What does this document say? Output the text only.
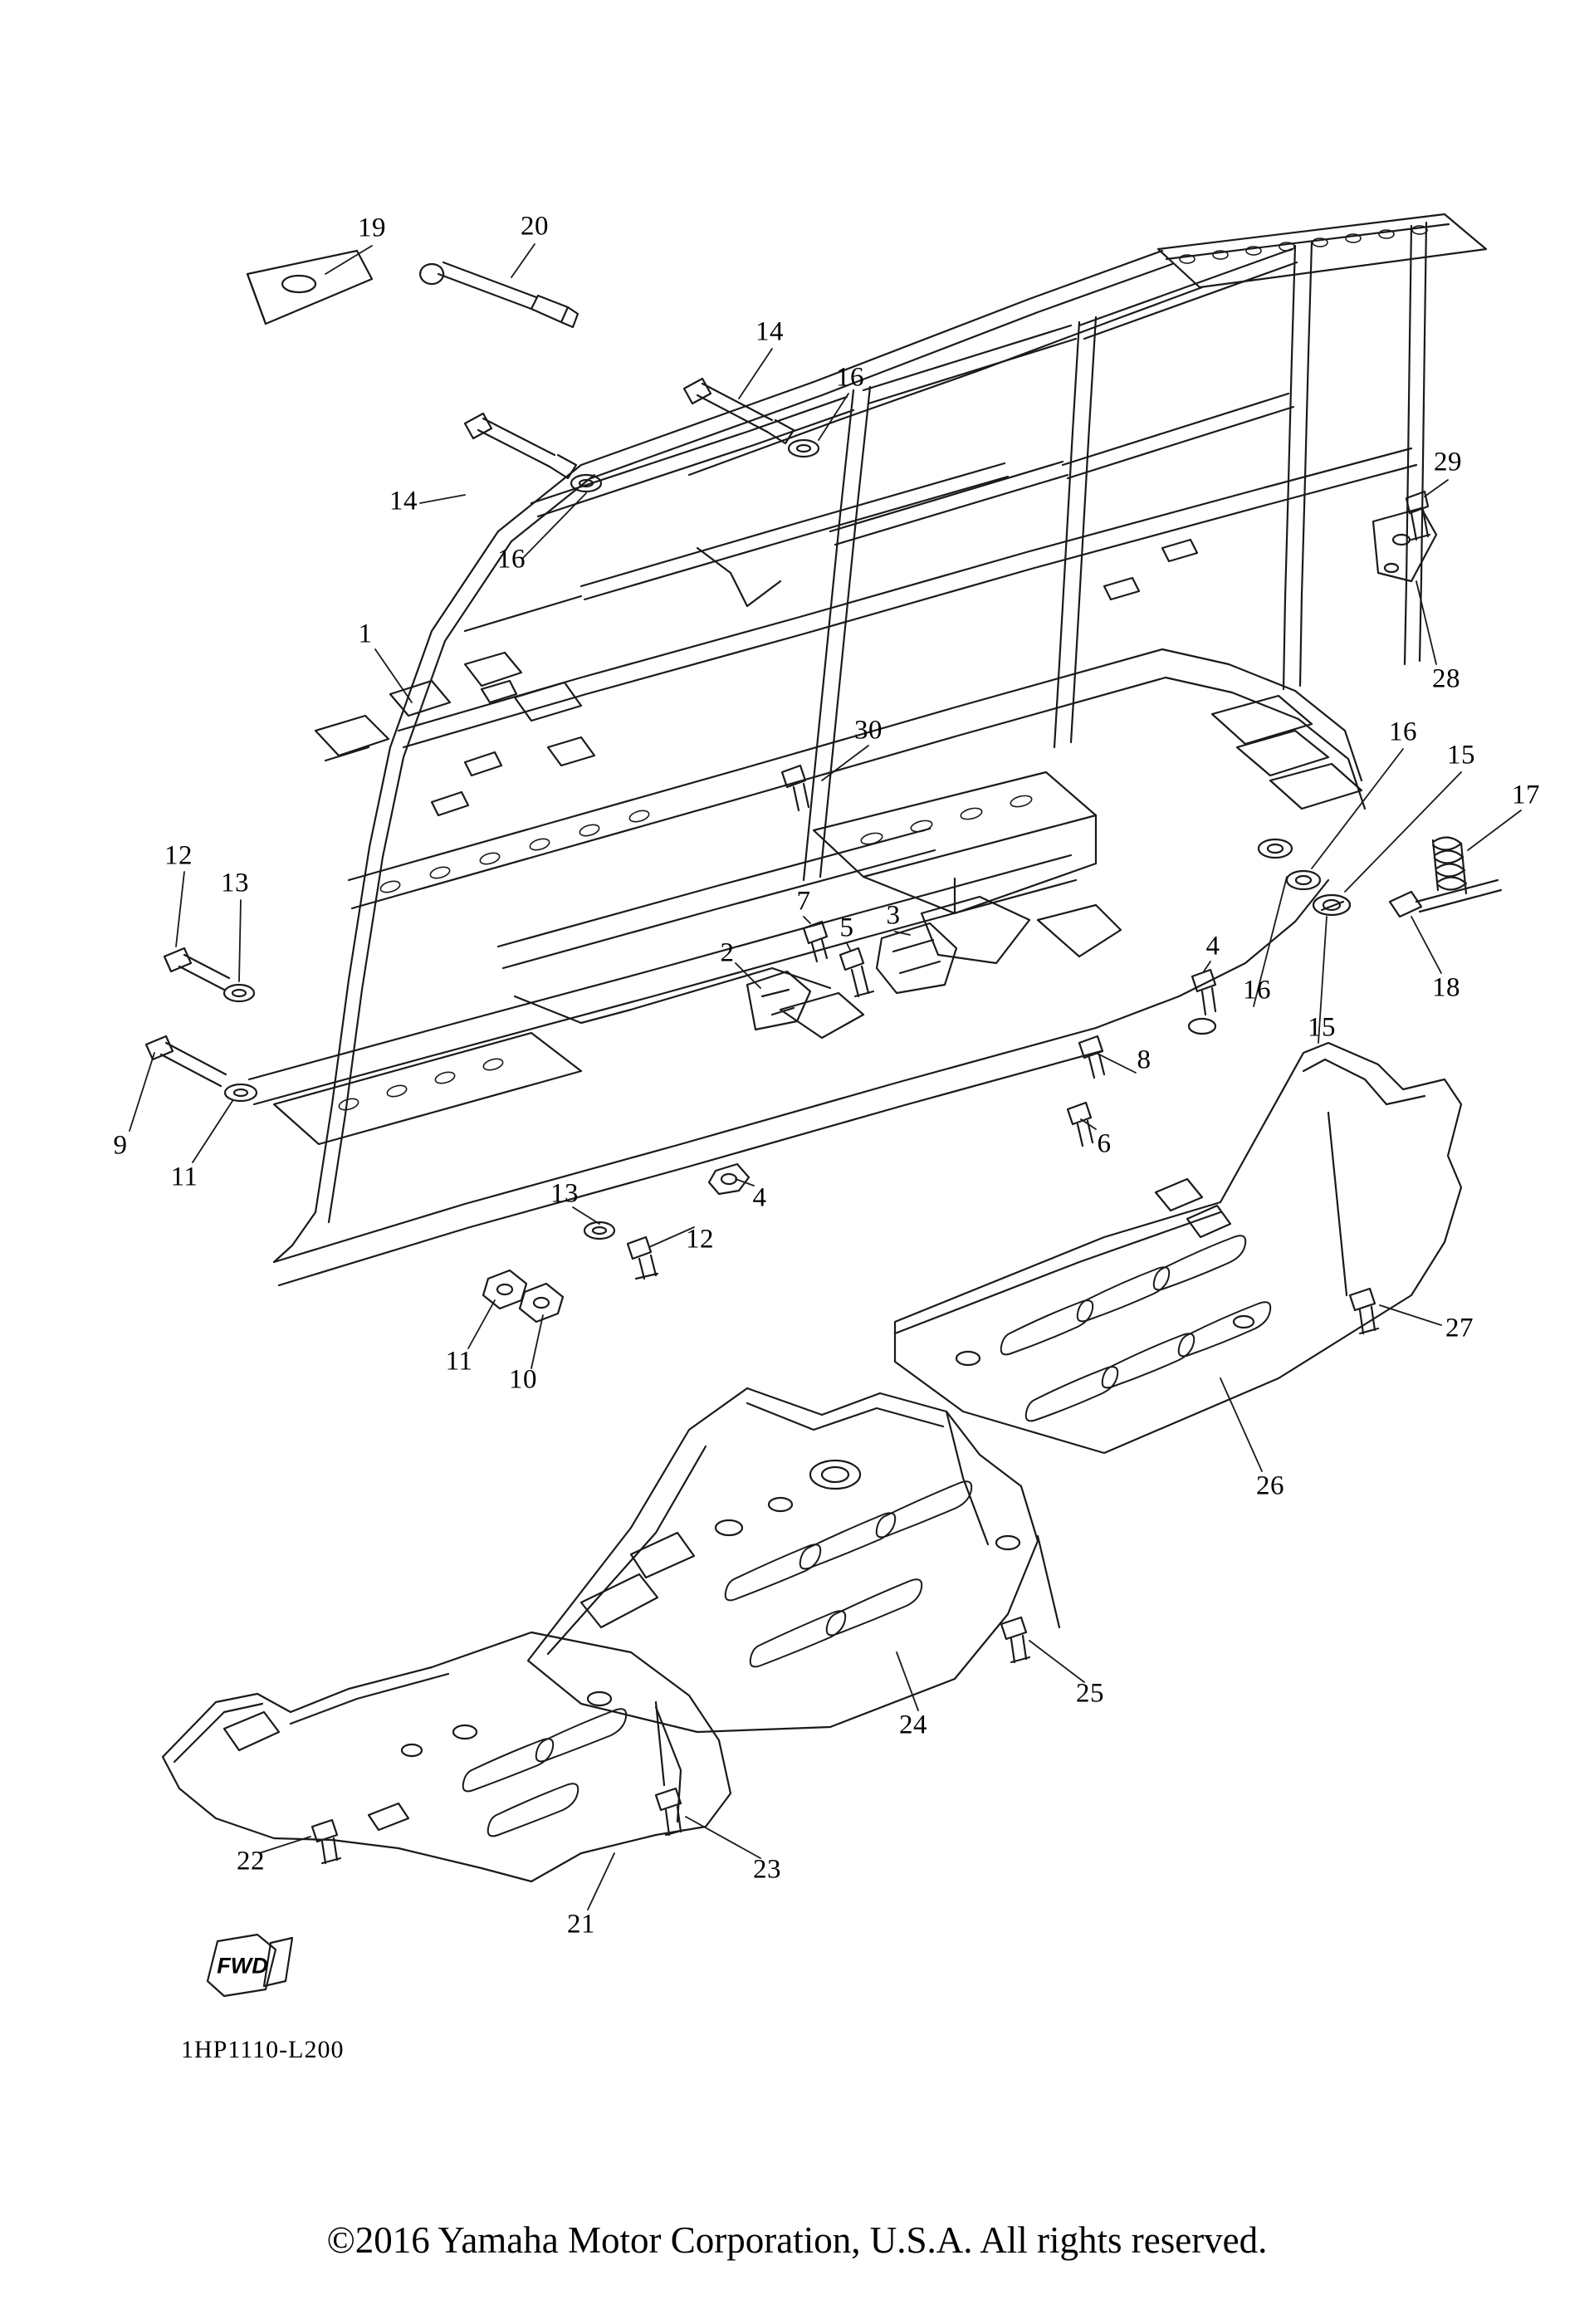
19	20
14
16
14
16
29
28
1
30	16
15
17
12
13
7
5 3
4
16
15
18
2
9
11
8
6
13	4
12
11
10
27
26
25
24
22	23
21
FWD
1HP1110-L200
©2016 Yamaha Motor Corporation, U.S.A. All rights reserved.
